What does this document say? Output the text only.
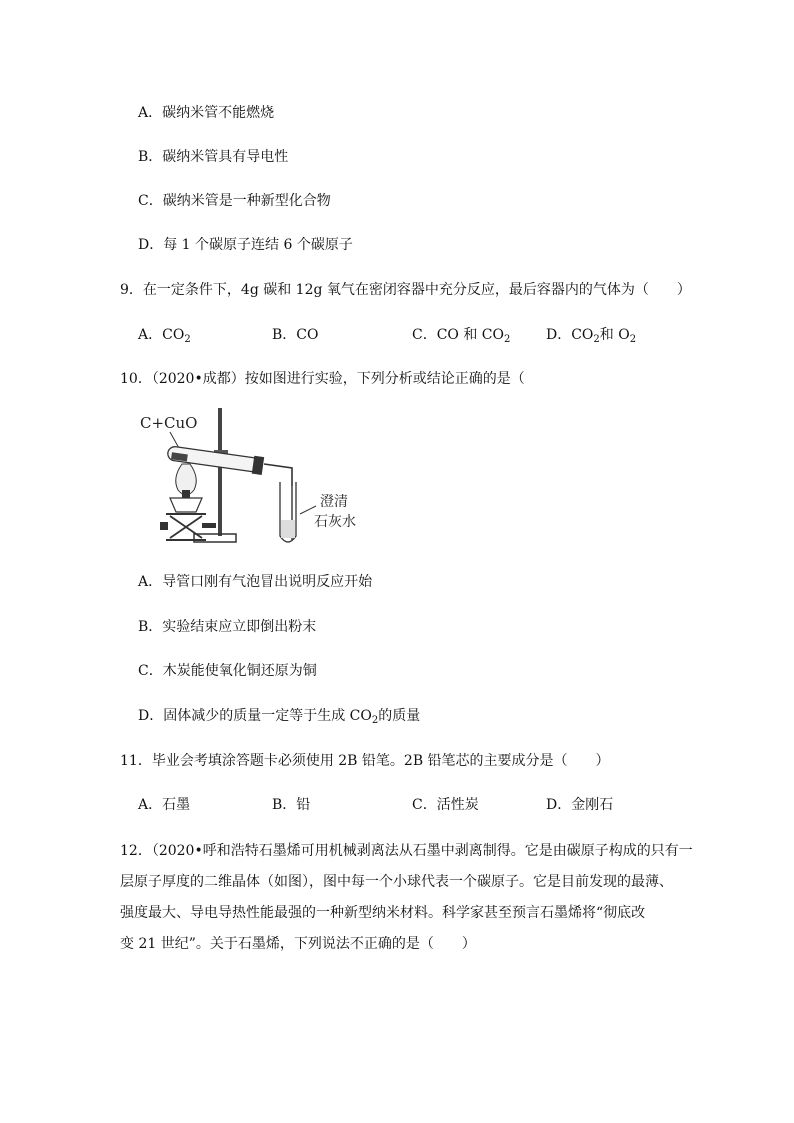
A．碳纳米管不能燃烧
B．碳纳米管具有导电性
C．碳纳米管是一种新型化合物
D．每 1 个碳原子连结 6 个碳原子
9．在一定条件下，4g 碳和 12g 氧气在密闭容器中充分反应，最后容器内的气体为（　　）
A．$CO_2$	B．CO	C．CO 和 $CO_2$	D．$CO_2$和 $O_2$
10．（2020•成都）按如图进行实验，下列分析或结论正确的是（
C+CuO
澄清
石灰水
A．导管口刚有气泡冒出说明反应开始
B．实验结束应立即倒出粉末
C．木炭能使氧化铜还原为铜
D．固体减少的质量一定等于生成 $CO_2$的质量
11．毕业会考填涂答题卡必须使用 2B 铅笔。2B 铅笔芯的主要成分是（　　）
A．石墨	B．铅	C．活性炭	D．金刚石
12．（2020•呼和浩特石墨烯可用机械剥离法从石墨中剥离制得。它是由碳原子构成的只有一
层原子厚度的二维晶体（如图），图中每一个小球代表一个碳原子。它是目前发现的最薄、
强度最大、导电导热性能最强的一种新型纳米材料。科学家甚至预言石墨烯将“彻底改
变 21 世纪”。关于石墨烯，下列说法不正确的是（　　）
